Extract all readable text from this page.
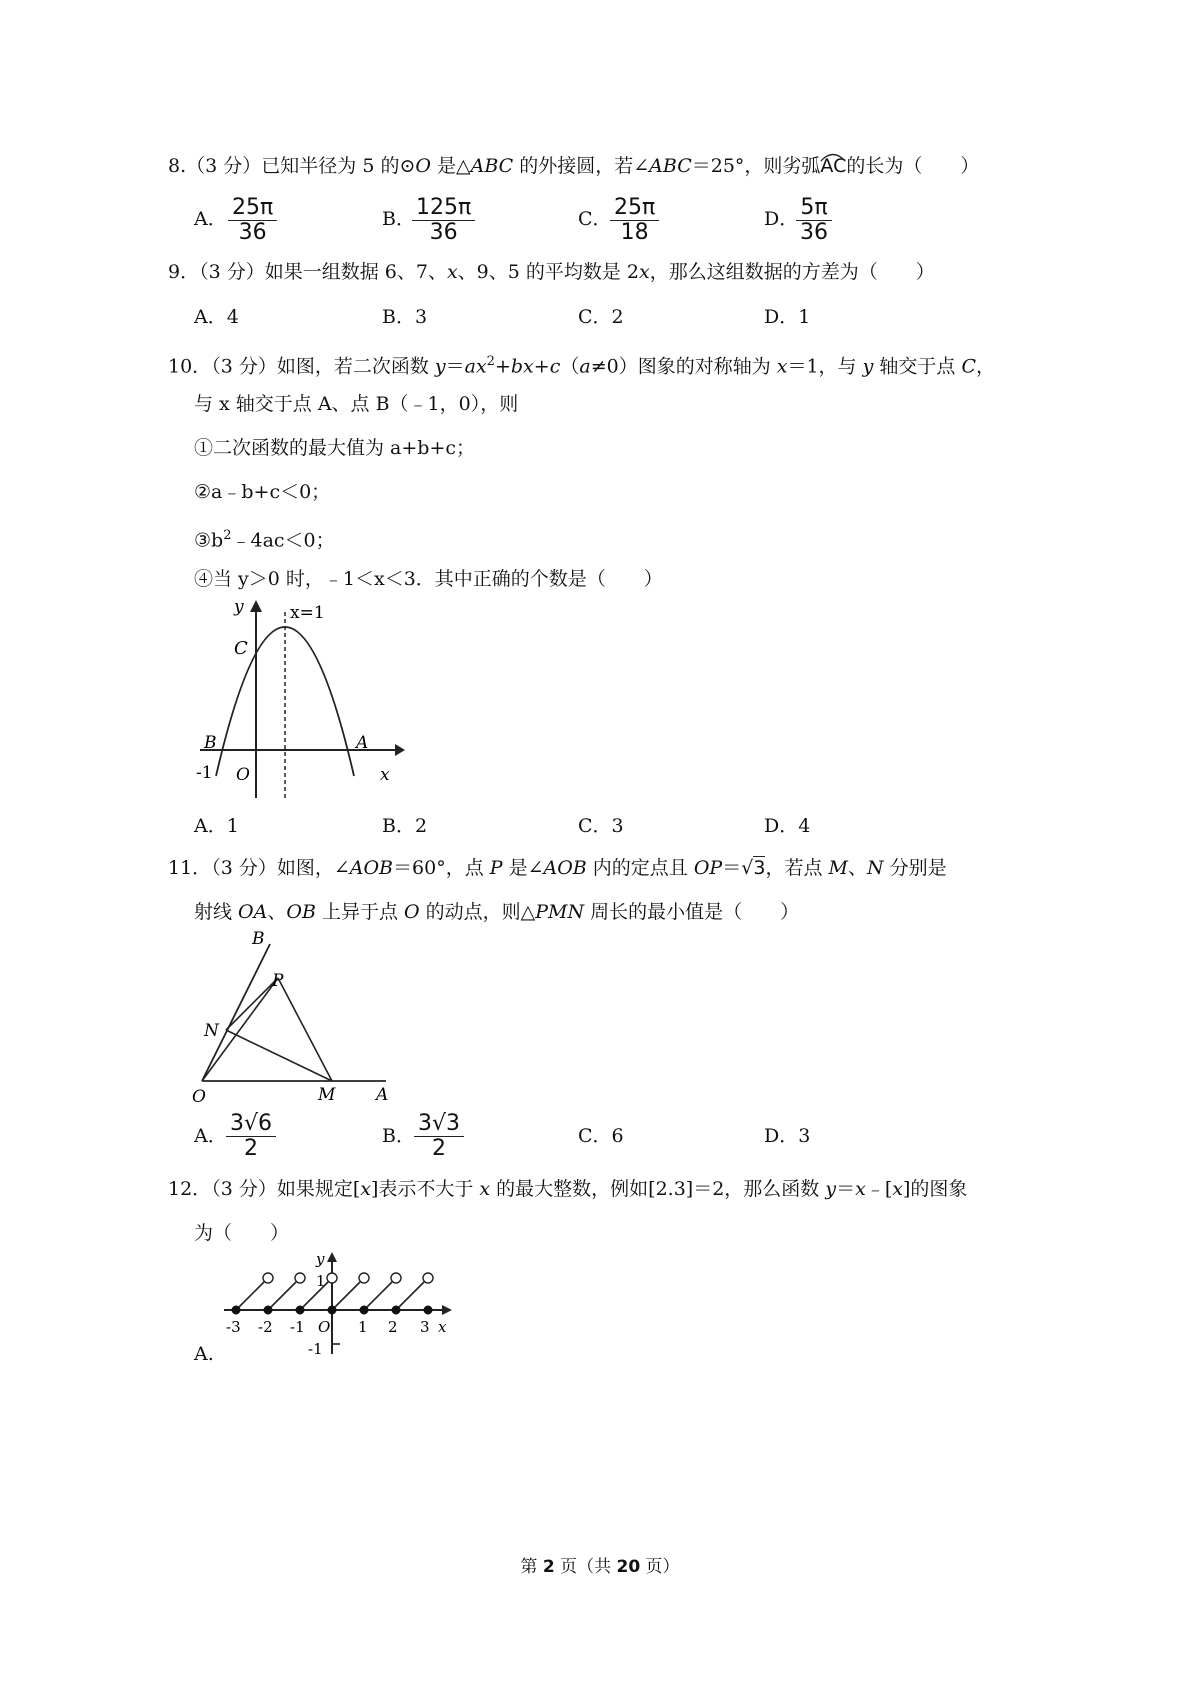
8.（3 分）已知半径为 5 的⊙O 是△ABC 的外接圆，若∠ABC＝25°，则劣弧
AC的长为（　　）
A． $\frac{25\pi}{36}$	B．
$\frac{125\pi}{36}$	C．
$\frac{25\pi}{18}$	D．
$\frac{5\pi}{36}$
9．（3 分）如果一组数据 6、7、x、9、5 的平均数是 2x，那么这组数据的方差为（　　）
A．4	B．3	C．2	D．1
10．（3 分）如图，若二次函数 $y=ax^2+bx+c(a\ne 0)$图象的对称轴为 x＝1，与 y 轴交于点 C，
与 x 轴交于点 A、点 B（﹣1，0），则
①二次函数的最大值为 a+b+c；
②a﹣b+c＜0；
$③b^2﹣4ac<0$；
④当 y＞0 时，﹣1＜x＜3．其中正确的个数是（　　）
y	x=1
C
B	A
-1 O	x
A．1	B．2	C．3	D．4
11．（3 分）如图，∠AOB＝60°，点 P 是∠AOB 内的定点且 OP＝√3，若点 M、N 分别是
射线 OA、OB 上异于点 O 的动点，则△PMN 周长的最小值是（　　）
B
P
N
O	M A
A． $\frac{3√6}{2}$	B． $\frac{3√3}{2}$	C．6	D．3
12．（3 分）如果规定[x]表示不大于 x 的最大整数，例如[2.3]＝2，那么函数 y＝x﹣[x]的图象
为（　　）
y
1
-3 -2 -1 O 1 2 3 x
-1
A.
第 2 页（共 20 页）
